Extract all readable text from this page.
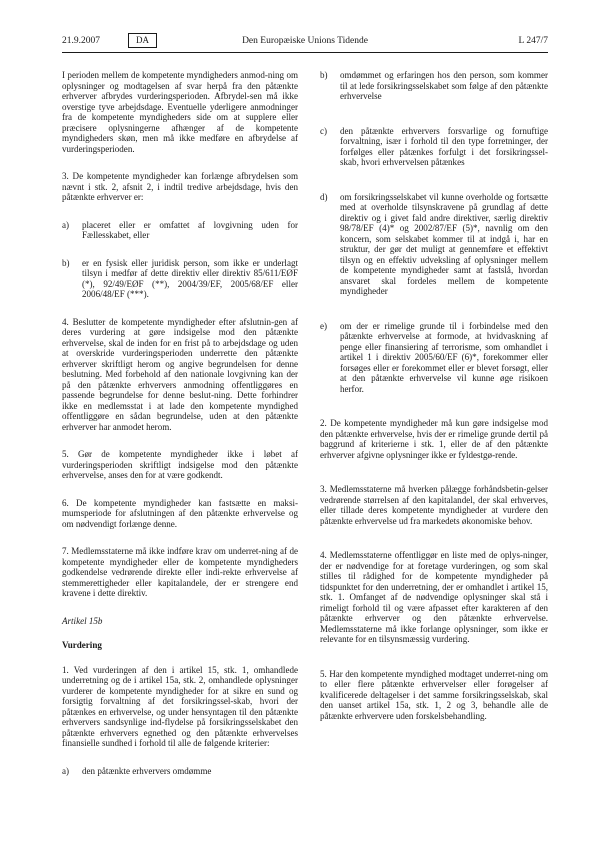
21.9.2007	DA	Den Europæiske Unions Tidende	L 247/7

I perioden mellem de kompetente myndigheders anmod-ning om oplysninger og modtagelsen af svar herpå fra den påtænkte erhverver afbrydes vurderingsperioden. Afbrydel-sen må ikke overstige tyve arbejdsdage. Eventuelle yderligere anmodninger fra de kompetente myndigheders side om at supplere eller præcisere oplysningerne afhænger af de kompetente myndigheders skøn, men må ikke medføre en afbrydelse af vurderingsperioden.

3. De kompetente myndigheder kan forlænge afbrydelsen som nævnt i stk. 2, afsnit 2, i indtil tredive arbejdsdage, hvis den påtænkte erhverver er:

a) placeret eller er omfattet af lovgivning uden for Fællesskabet, eller
b) er en fysisk eller juridisk person, som ikke er underlagt tilsyn i medfør af dette direktiv eller direktiv 85/611/EØF (*), 92/49/EØF (**), 2004/39/EF, 2005/68/EF eller 2006/48/EF (***).

4. Beslutter de kompetente myndigheder efter afslutnin-gen af deres vurdering at gøre indsigelse mod den påtænkte erhvervelse, skal de inden for en frist på to arbejdsdage og uden at overskride vurderingsperioden underrette den påtænkte erhverver skriftligt herom og angive begrundelsen for denne beslutning. Med forbehold af den nationale lovgivning kan der på den påtænkte erhververs anmodning offentliggøres en passende begrundelse for denne beslut-ning. Dette forhindrer ikke en medlemsstat i at lade den kompetente myndighed offentliggøre en sådan begrundelse, uden at den påtænkte erhverver har anmodet herom.

5. Gør de kompetente myndigheder ikke i løbet af vurderingsperioden skriftligt indsigelse mod den påtænkte erhvervelse, anses den for at være godkendt.

6. De kompetente myndigheder kan fastsætte en maksi-mumsperiode for afslutningen af den påtænkte erhvervelse og om nødvendigt forlænge denne.

7. Medlemsstaterne må ikke indføre krav om underret-ning af de kompetente myndigheder eller de kompetente myndigheders godkendelse vedrørende direkte eller indi-rekte erhvervelse af stemmerettigheder eller kapitalandele, der er strengere end kravene i dette direktiv.

Artikel 15b

Vurdering

1. Ved vurderingen af den i artikel 15, stk. 1, omhandlede underretning og de i artikel 15a, stk. 2, omhandlede oplysninger vurderer de kompetente myndigheder for at sikre en sund og forsigtig forvaltning af det forsikringssel-skab, hvori der påtænkes en erhvervelse, og under hensyntagen til den påtænkte erhververs sandsynlige ind-flydelse på forsikringsselskabet den påtænkte erhververs egnethed og den påtænkte erhvervelses finansielle sundhed i forhold til alle de følgende kriterier:

a) den påtænkte erhververs omdømme
b) omdømmet og erfaringen hos den person, som kommer til at lede forsikringsselskabet som følge af den påtænkte erhvervelse
c) den påtænkte erhververs forsvarlige og fornuftige forvaltning, især i forhold til den type forretninger, der forfølges eller påtænkes forfulgt i det forsikringssel-skab, hvori erhvervelsen påtænkes
d) om forsikringsselskabet vil kunne overholde og fortsætte med at overholde tilsynskravene på grundlag af dette direktiv og i givet fald andre direktiver, særlig direktiv 98/78/EF (4)* og 2002/87/EF (5)*, navnlig om den koncern, som selskabet kommer til at indgå i, har en struktur, der gør det muligt at gennemføre et effektivt tilsyn og en effektiv udveksling af oplysninger mellem de kompetente myndigheder samt at fastslå, hvordan ansvaret skal fordeles mellem de kompetente myndigheder
e) om der er rimelige grunde til i forbindelse med den påtænkte erhvervelse at formode, at hvidvaskning af penge eller finansiering af terrorisme, som omhandlet i artikel 1 i direktiv 2005/60/EF (6)*, forekommer eller forsøges eller er forekommet eller er blevet forsøgt, eller at den påtænkte erhvervelse vil kunne øge risikoen herfor.

2. De kompetente myndigheder må kun gøre indsigelse mod den påtænkte erhvervelse, hvis der er rimelige grunde dertil på baggrund af kriterierne i stk. 1, eller de af den påtænkte erhverver afgivne oplysninger ikke er fyldestgø-rende.

3. Medlemsstaterne må hverken pålægge forhåndsbetin-gelser vedrørende størrelsen af den kapitalandel, der skal erhverves, eller tillade deres kompetente myndigheder at vurdere den påtænkte erhvervelse ud fra markedets økonomiske behov.

4. Medlemsstaterne offentliggør en liste med de oplys-ninger, der er nødvendige for at foretage vurderingen, og som skal stilles til rådighed for de kompetente myndigheder på tidspunktet for den underretning, der er omhandlet i artikel 15, stk. 1. Omfanget af de nødvendige oplysninger skal stå i rimeligt forhold til og være afpasset efter karakteren af den påtænkte erhverver og den påtænkte erhvervelse. Medlemsstaterne må ikke forlange oplysninger, som ikke er relevante for en tilsynsmæssig vurdering.

5. Har den kompetente myndighed modtaget underret-ning om to eller flere påtænkte erhvervelser eller forøgelser af kvalificerede deltagelser i det samme forsikringsselskab, skal den uanset artikel 15a, stk. 1, 2 og 3, behandle alle de påtænkte erhververe uden forskelsbehandling.
